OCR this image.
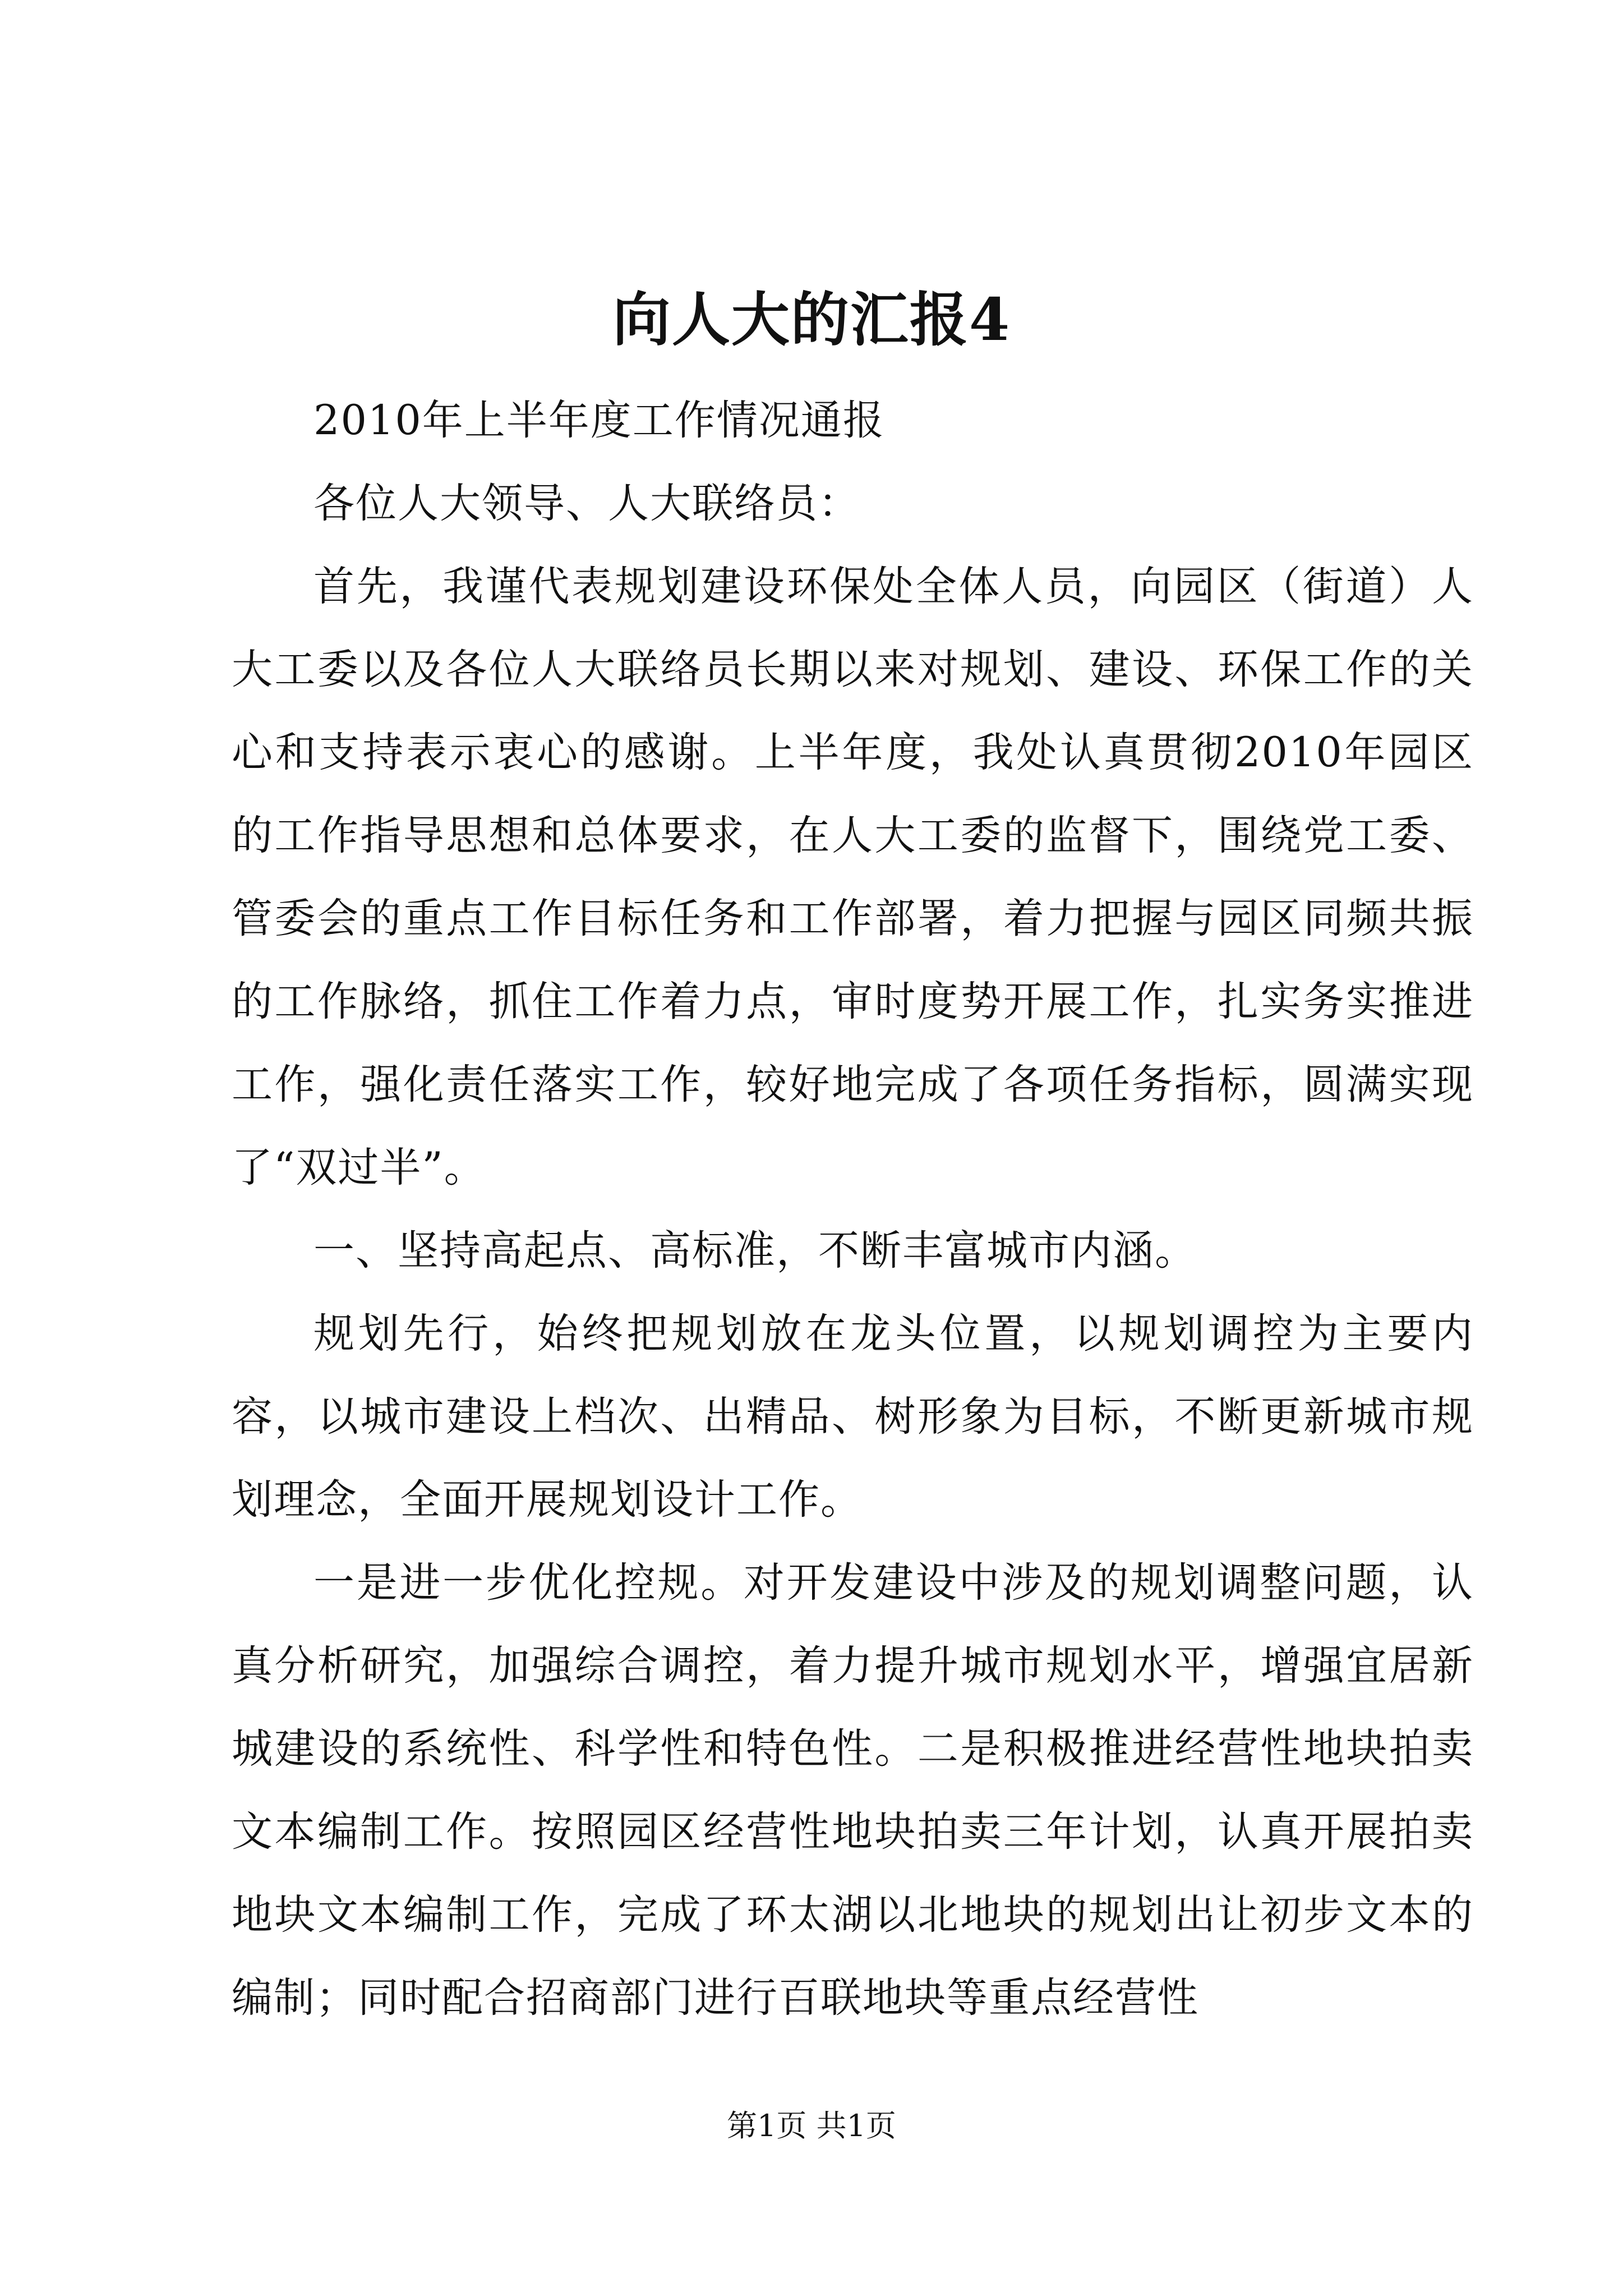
向人大的汇报4

2010年上半年度工作情况通报

各位人大领导、人大联络员：

首先，我谨代表规划建设环保处全体人员，向园区（街道）人大工委以及各位人大联络员长期以来对规划、建设、环保工作的关心和支持表示衷心的感谢。上半年度，我处认真贯彻2010年园区的工作指导思想和总体要求，在人大工委的监督下，围绕党工委、管委会的重点工作目标任务和工作部署，着力把握与园区同频共振的工作脉络，抓住工作着力点，审时度势开展工作，扎实务实推进工作，强化责任落实工作，较好地完成了各项任务指标，圆满实现了“双过半”。

一、坚持高起点、高标准，不断丰富城市内涵。

规划先行，始终把规划放在龙头位置，以规划调控为主要内容，以城市建设上档次、出精品、树形象为目标，不断更新城市规划理念，全面开展规划设计工作。

一是进一步优化控规。对开发建设中涉及的规划调整问题，认真分析研究，加强综合调控，着力提升城市规划水平，增强宜居新城建设的系统性、科学性和特色性。二是积极推进经营性地块拍卖文本编制工作。按照园区经营性地块拍卖三年计划，认真开展拍卖地块文本编制工作，完成了环太湖以北地块的规划出让初步文本的编制；同时配合招商部门进行百联地块等重点经营性

第1页 共1页
